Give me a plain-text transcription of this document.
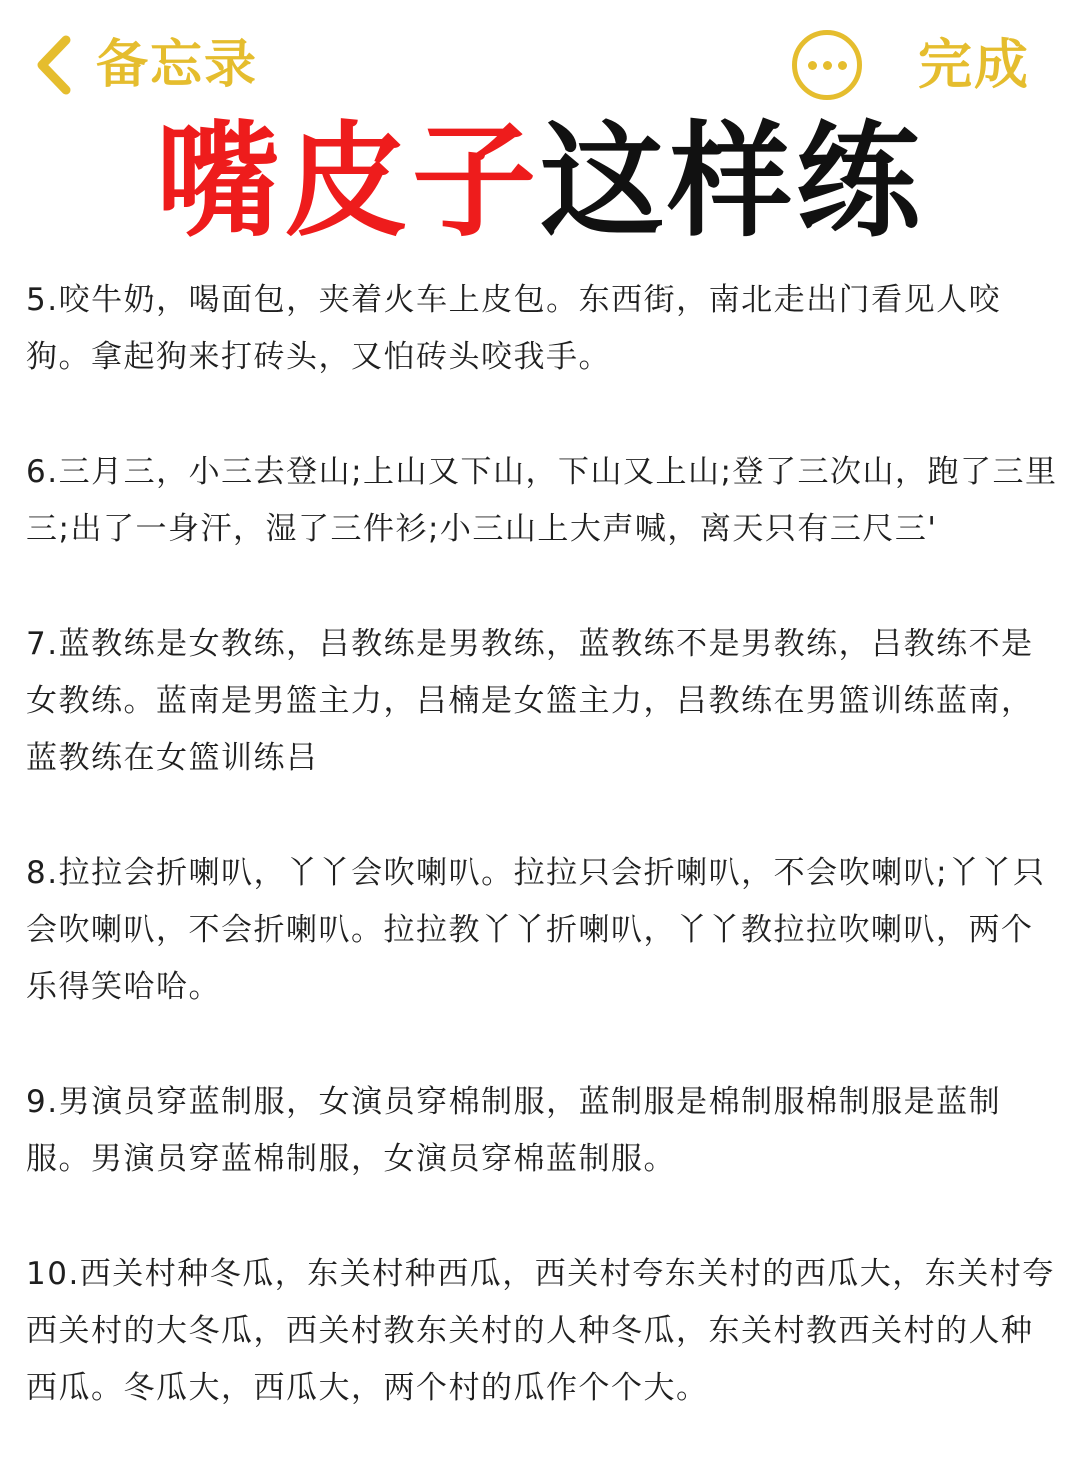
备忘录	完成
嘴皮子这样练

5.咬牛奶，喝面包，夹着火车上皮包。东西街，南北走出门看见人咬狗。拿起狗来打砖头，又怕砖头咬我手。

6.三月三，小三去登山;上山又下山，下山又上山;登了三次山，跑了三里三;出了一身汗，湿了三件衫;小三山上大声喊，离天只有三尺三'

7.蓝教练是女教练，吕教练是男教练，蓝教练不是男教练，吕教练不是女教练。蓝南是男篮主力，吕楠是女篮主力，吕教练在男篮训练蓝南，蓝教练在女篮训练吕

8.拉拉会折喇叭，丫丫会吹喇叭。拉拉只会折喇叭，不会吹喇叭;丫丫只会吹喇叭，不会折喇叭。拉拉教丫丫折喇叭，丫丫教拉拉吹喇叭，两个乐得笑哈哈。

9.男演员穿蓝制服，女演员穿棉制服，蓝制服是棉制服棉制服是蓝制服。男演员穿蓝棉制服，女演员穿棉蓝制服。

10.西关村种冬瓜，东关村种西瓜，西关村夸东关村的西瓜大，东关村夸西关村的大冬瓜，西关村教东关村的人种冬瓜，东关村教西关村的人种西瓜。冬瓜大，西瓜大，两个村的瓜作个个大。
